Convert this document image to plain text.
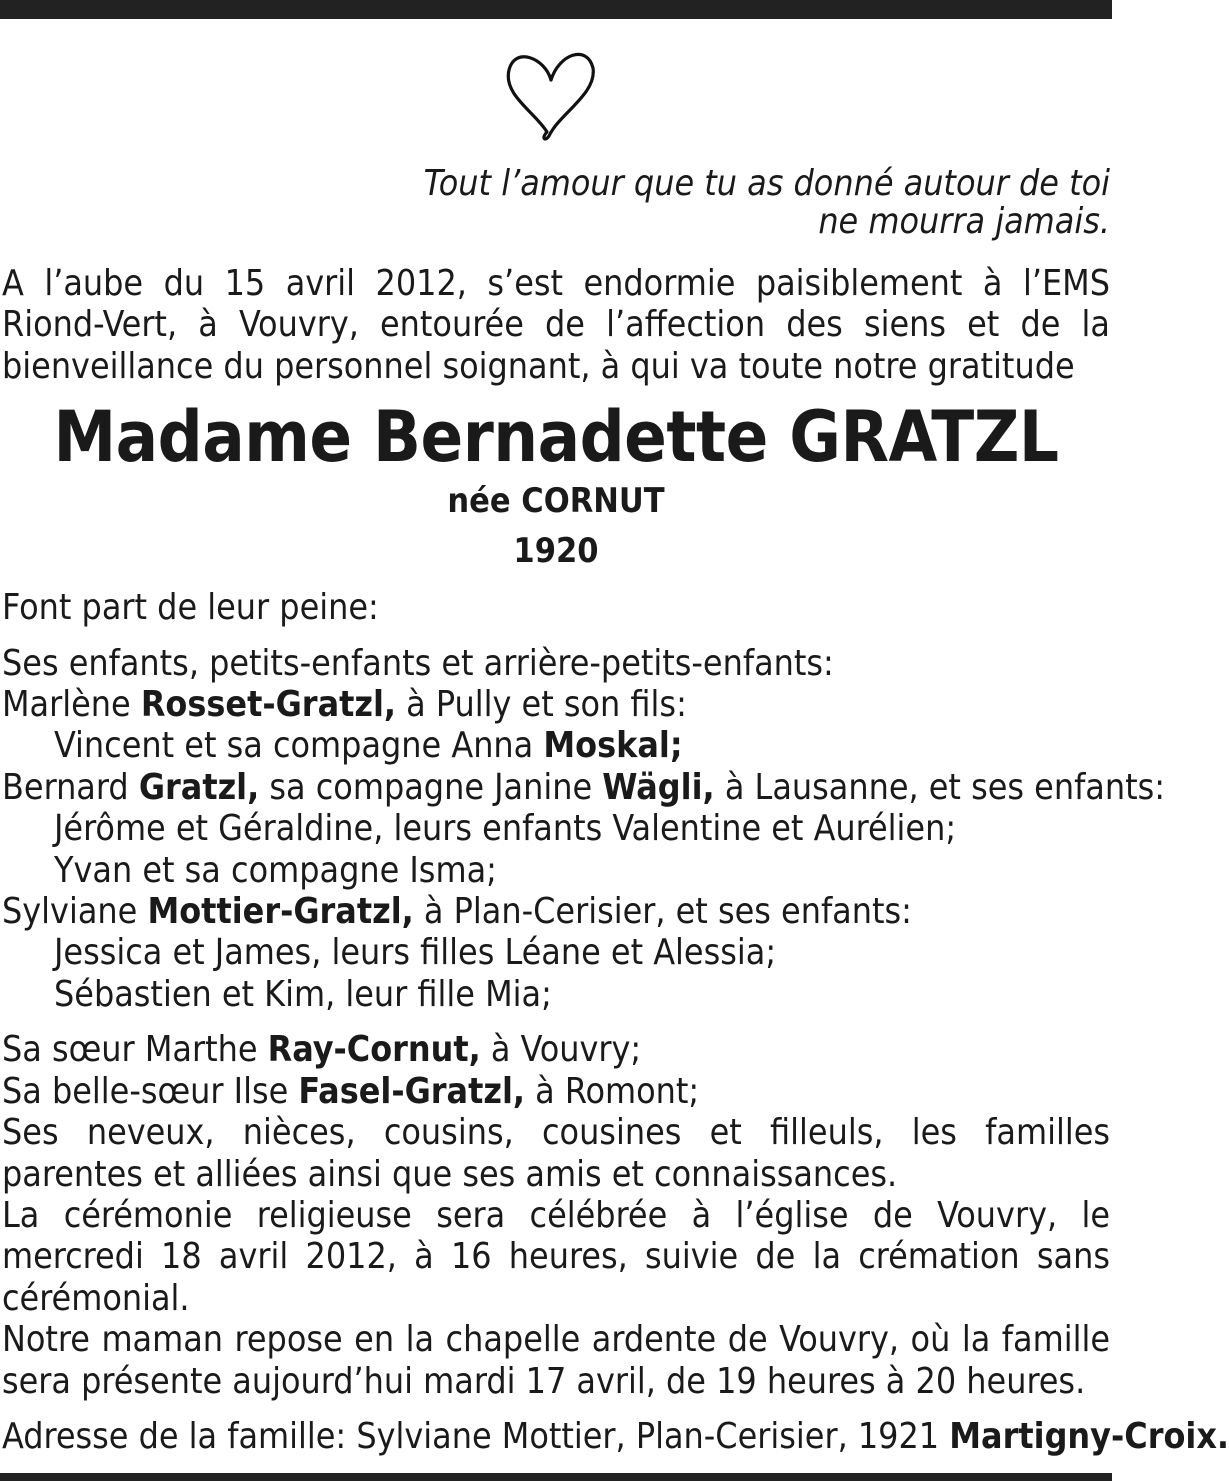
Tout l’amour que tu as donné autour de toi
ne mourra jamais.

A l’aube du 15 avril 2012, s’est endormie paisiblement à l’EMS Riond-Vert, à Vouvry, entourée de l’affection des siens et de la bienveillance du personnel soignant, à qui va toute notre gratitude

Madame Bernadette GRATZL
née CORNUT
1920
Font part de leur peine:
Ses enfants, petits-enfants et arrière-petits-enfants:
Marlène Rosset-Gratzl, à Pully et son fils:
Vincent et sa compagne Anna Moskal;
Bernard Gratzl, sa compagne Janine Wägli, à Lausanne, et ses enfants:
Jérôme et Géraldine, leurs enfants Valentine et Aurélien;
Yvan et sa compagne Isma;
Sylviane Mottier-Gratzl, à Plan-Cerisier, et ses enfants:
Jessica et James, leurs filles Léane et Alessia;
Sébastien et Kim, leur fille Mia;
Sa sœur Marthe Ray-Cornut, à Vouvry;
Sa belle-sœur Ilse Fasel-Gratzl, à Romont;

Ses neveux, nièces, cousins, cousines et filleuls, les familles parentes et alliées ainsi que ses amis et connaissances.

La cérémonie religieuse sera célébrée à l’église de Vouvry, le mercredi 18 avril 2012, à 16 heures, suivie de la crémation sans cérémonial.

Notre maman repose en la chapelle ardente de Vouvry, où la famille sera présente aujourd’hui mardi 17 avril, de 19 heures à 20 heures.

Adresse de la famille: Sylviane Mottier, Plan-Cerisier, 1921 Martigny-Croix.
